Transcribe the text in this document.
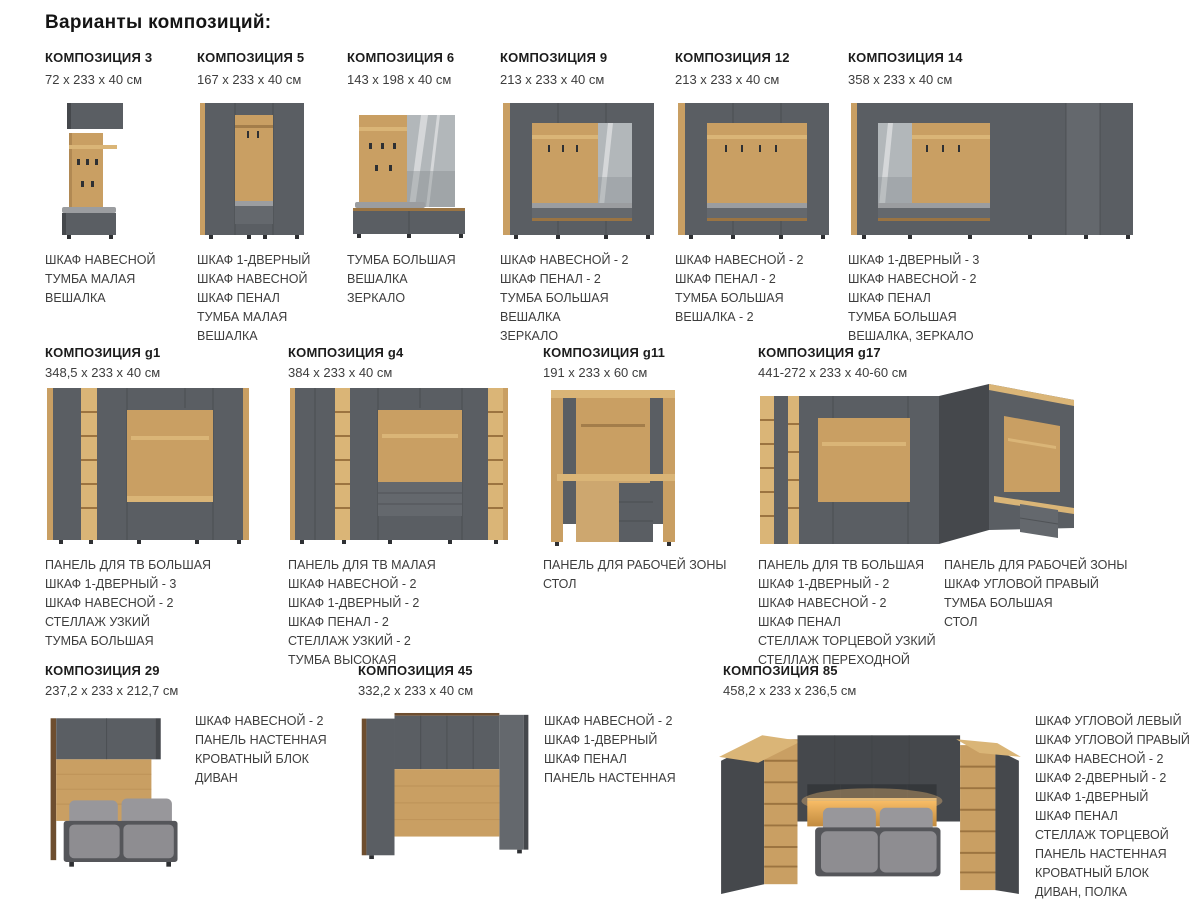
Варианты композиций:
КОМПОЗИЦИЯ 3
72 x 233 x 40 см
ШКАФ НАВЕСНОЙ
ТУМБА МАЛАЯ
ВЕШАЛКА
КОМПОЗИЦИЯ 5
167 x 233 x 40 см
ШКАФ 1-ДВЕРНЫЙ
ШКАФ НАВЕСНОЙ
ШКАФ ПЕНАЛ
ТУМБА МАЛАЯ
ВЕШАЛКА
КОМПОЗИЦИЯ 6
143 x 198 x 40 см
ТУМБА БОЛЬШАЯ
ВЕШАЛКА
ЗЕРКАЛО
КОМПОЗИЦИЯ 9
213 x 233 x 40 см
ШКАФ НАВЕСНОЙ - 2
ШКАФ ПЕНАЛ - 2
ТУМБА БОЛЬШАЯ
ВЕШАЛКА
ЗЕРКАЛО
КОМПОЗИЦИЯ 12
213 x 233 x 40 см
ШКАФ НАВЕСНОЙ - 2
ШКАФ ПЕНАЛ - 2
ТУМБА БОЛЬШАЯ
ВЕШАЛКА - 2
КОМПОЗИЦИЯ 14
358 x 233 x 40 см
ШКАФ 1-ДВЕРНЫЙ - 3
ШКАФ НАВЕСНОЙ - 2
ШКАФ ПЕНАЛ
ТУМБА БОЛЬШАЯ
ВЕШАЛКА, ЗЕРКАЛО
КОМПОЗИЦИЯ g1
348,5 x 233 x 40 см
ПАНЕЛЬ ДЛЯ ТВ БОЛЬШАЯ
ШКАФ 1-ДВЕРНЫЙ - 3
ШКАФ НАВЕСНОЙ - 2
СТЕЛЛАЖ УЗКИЙ
ТУМБА БОЛЬШАЯ
КОМПОЗИЦИЯ g4
384 x 233 x 40 см
ПАНЕЛЬ ДЛЯ ТВ МАЛАЯ
ШКАФ НАВЕСНОЙ - 2
ШКАФ 1-ДВЕРНЫЙ - 2
ШКАФ ПЕНАЛ - 2
СТЕЛЛАЖ УЗКИЙ - 2
ТУМБА ВЫСОКАЯ
КОМПОЗИЦИЯ g11
191 x 233 x 60 см
ПАНЕЛЬ ДЛЯ РАБОЧЕЙ ЗОНЫ
СТОЛ
КОМПОЗИЦИЯ g17
441-272 x 233 x 40-60 см
ПАНЕЛЬ ДЛЯ ТВ БОЛЬШАЯ
ШКАФ 1-ДВЕРНЫЙ - 2
ШКАФ НАВЕСНОЙ - 2
ШКАФ ПЕНАЛ
СТЕЛЛАЖ ТОРЦЕВОЙ УЗКИЙ
СТЕЛЛАЖ ПЕРЕХОДНОЙ
ПАНЕЛЬ ДЛЯ РАБОЧЕЙ ЗОНЫ
ШКАФ УГЛОВОЙ ПРАВЫЙ
ТУМБА БОЛЬШАЯ
СТОЛ
КОМПОЗИЦИЯ 29
237,2 x 233 x 212,7 см
ШКАФ НАВЕСНОЙ - 2
ПАНЕЛЬ НАСТЕННАЯ
КРОВАТНЫЙ БЛОК
ДИВАН
КОМПОЗИЦИЯ 45
332,2 x 233 x 40 см
ШКАФ НАВЕСНОЙ - 2
ШКАФ 1-ДВЕРНЫЙ
ШКАФ ПЕНАЛ
ПАНЕЛЬ НАСТЕННАЯ
КОМПОЗИЦИЯ 85
458,2 x 233 x 236,5 см
ШКАФ УГЛОВОЙ ЛЕВЫЙ
ШКАФ УГЛОВОЙ ПРАВЫЙ
ШКАФ НАВЕСНОЙ - 2
ШКАФ 2-ДВЕРНЫЙ - 2
ШКАФ 1-ДВЕРНЫЙ
ШКАФ ПЕНАЛ
СТЕЛЛАЖ ТОРЦЕВОЙ
ПАНЕЛЬ НАСТЕННАЯ
КРОВАТНЫЙ БЛОК
ДИВАН, ПОЛКА
